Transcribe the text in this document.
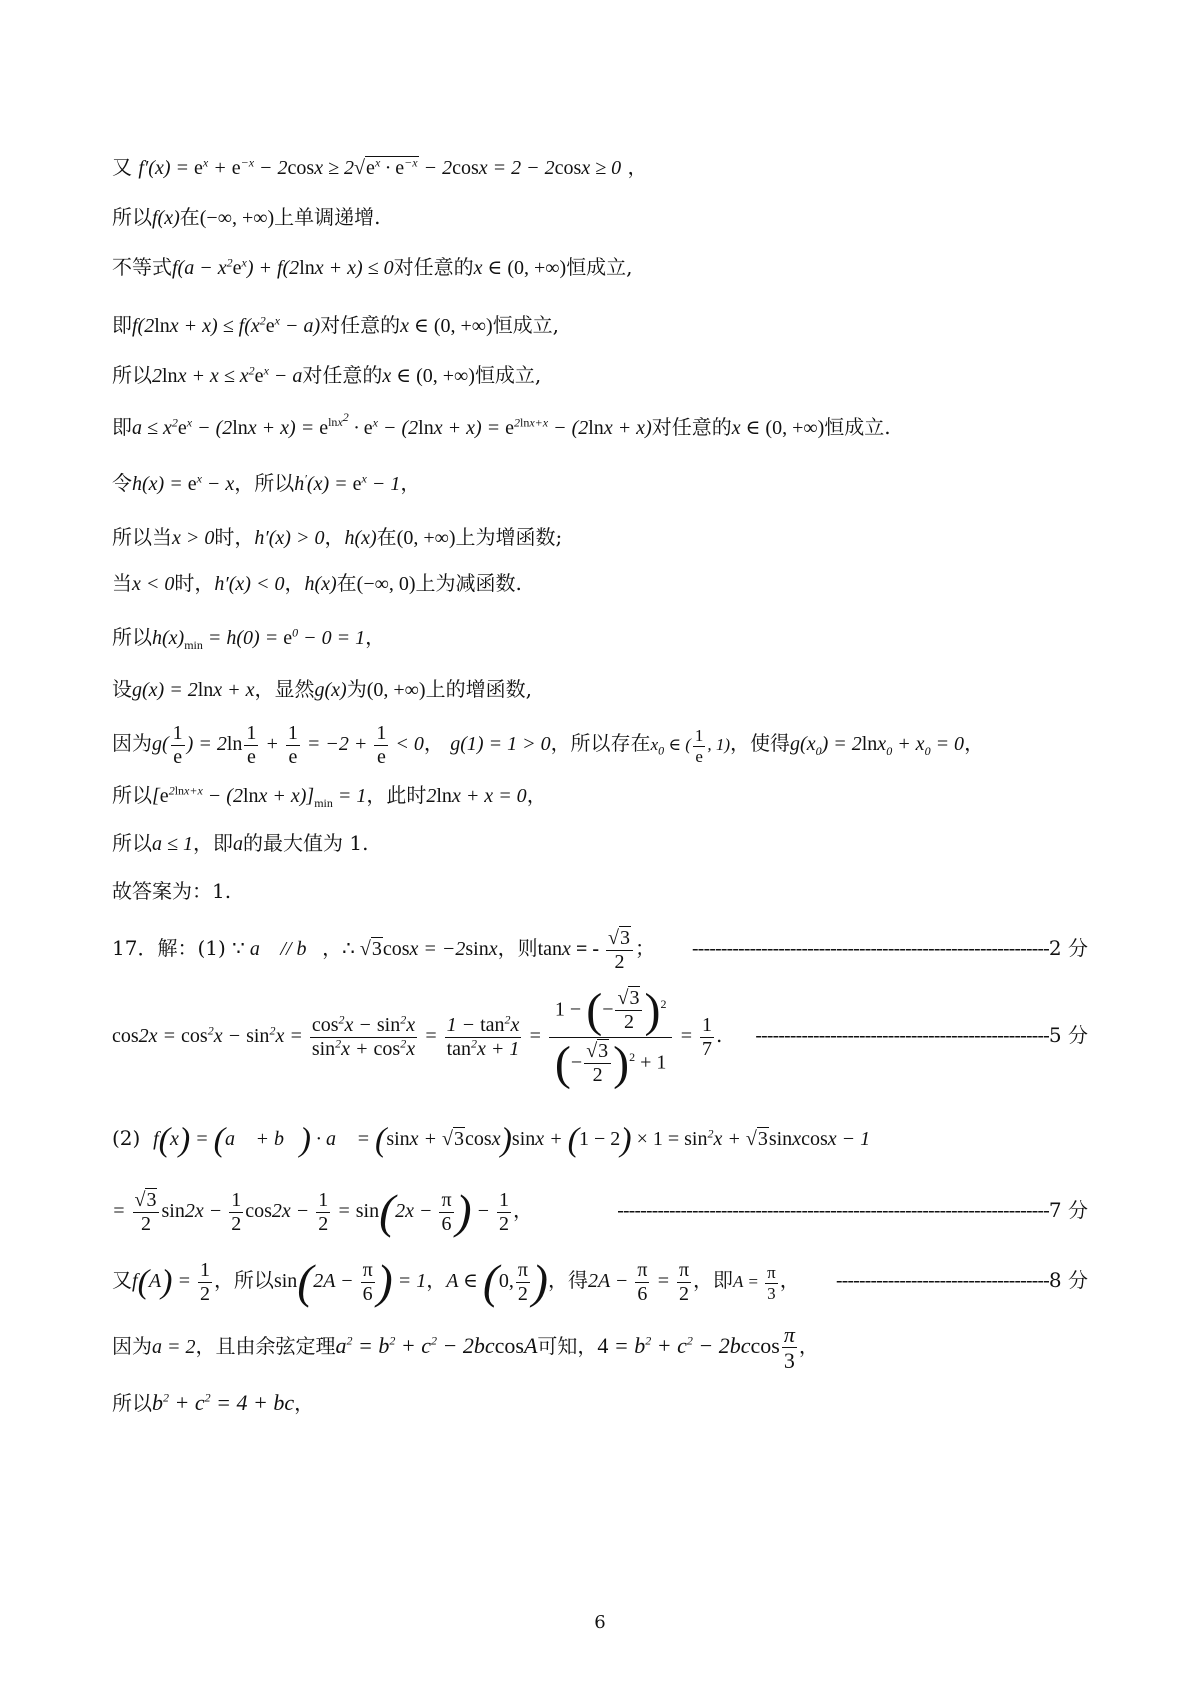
又 $f'(x) = e^x + e^{-x} - 2\cos x \ge 2√e^x \cdot e^{-x} - 2\cos x = 2 - 2\cos x \ge 0$ ，
所以f(x)在(−∞, +∞)上单调递增.
不等式$f(a - x^2e^x) + f(2\ln x + x) \le 0$对任意的x ∈ (0, +∞)恒成立,
即$f(2\ln x + x) \le f(x^2e^x - a)$对任意的x ∈ (0, +∞)恒成立,
所以$2\ln x + x \le x^2e^x - a$对任意的x ∈ (0, +∞)恒成立,
即$a \le x^2e^x - (2\ln x + x) = e^{lnx^2} \cdot e^x - (2\ln x + x) = e^{2lnx+x} - (2\ln x + x)$对任意的x ∈ (0, +∞)恒成立.
令$h(x) = e^x - x$，所以$h'(x) = e^x - 1$，
所以当x > 0时，h′(x) > 0，h(x)在(0, +∞)上为增函数;
当x < 0时，h′(x) < 0，h(x)在(−∞, 0)上为减函数.
所以$h(x)_{min} = h(0) = e^0 - 0 = 1$，
设g(x) = 2lnx + x，显然g(x)为(0, +∞)上的增函数,
因为$g( \frac{1}{e}$ ) = $2\ln \frac{1}{e} + \frac{1}{e} = -2 + \frac{1}{e} < 0$， g(1) = 1 > 0，所以存在$x_0$ ∈ ( $\frac{1}{e}$ , 1)，使得$g(x_0) = 2\ln x_0 + x_0 = 0$，
所以$[e^{2lnx+x} - (2\ln x + x)]_{min} = 1$，此时2lnx + x = 0，
所以a ≤ 1，即a的最大值为 1.
故答案为：1.
17．解：(1) ∵ a⃗ // b⃗，∴ √3cosx = −2sinx，则tanx = - $\frac{√3}{2}$ ； --------------------------------------------------------------2 分
$\cos 2x = \cos^2x - \sin^2x = \frac{\cos^2x - \sin^2x}{\sin^2x + \cos^2x} = \frac{1 - \tan^2x}{\tan^2x + 1} = \frac{1 - (- \frac{√3}{2} )^2}{(- \frac{√3}{2} )^2 + 1} = \frac{1}{7}$ . ---------------------------------------------------5 分
(2) f(x) = (a⃗ + b⃗) · a⃗ = $(\sin x + √3\cos x)\sin x + (1 - 2) \times 1 = \sin^2x$ + √3sinxcosx − 1
= $\frac{√3}{2} \sin 2x - \frac{1}{2} \cos 2x - \frac{1}{2} = \sin(2x - \frac{\pi}{6}$ ) − $\frac{1}{2}$ ，	---------------------------------------------------------------------------7 分
又$f(A) = \frac{1}{2}$ ，所以$\sin(2A - \frac{\pi}{6}$ ) = 1，A ∈ (0, $\frac{\pi}{2}$ )，得$2A - \frac{\pi}{6} = \frac{\pi}{2}$ ，即$A = \frac{\pi}{3}$ ， -------------------------------------8 分
因为a = 2，且由余弦定理$a^2 = b^2 + c^2 - 2bccosA$可知，$4 = b^2 + c^2 - 2bccos \frac{\pi}{3}$ ，
所以$b^2 + c^2 = 4$ + bc，
6
